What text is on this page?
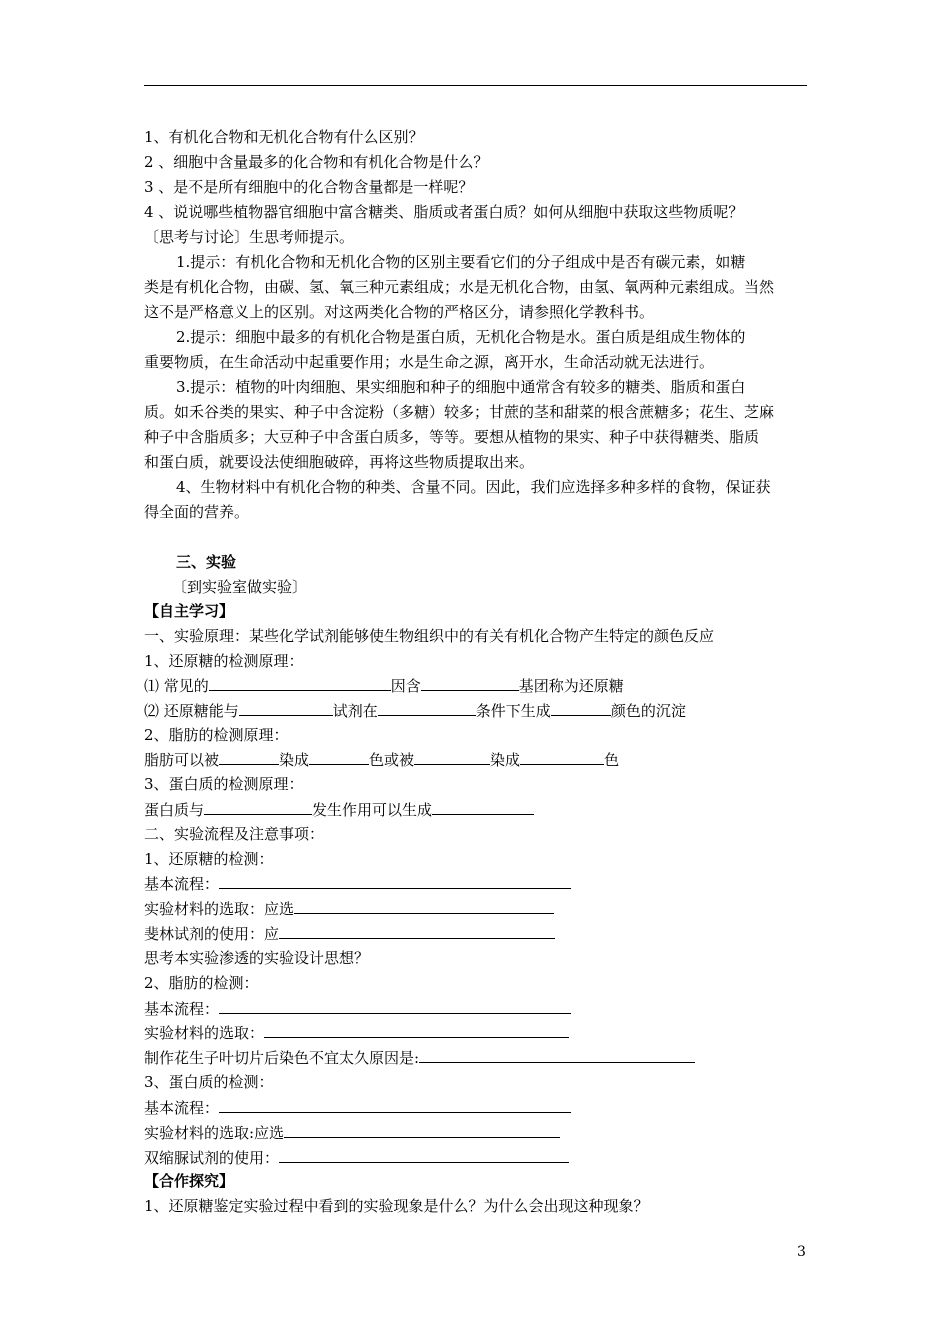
1、有机化合物和无机化合物有什么区别？
2 、细胞中含量最多的化合物和有机化合物是什么？
3 、是不是所有细胞中的化合物含量都是一样呢？
4 、说说哪些植物器官细胞中富含糖类、脂质或者蛋白质？如何从细胞中获取这些物质呢？
〔思考与讨论〕生思考师提示。
1.提示：有机化合物和无机化合物的区别主要看它们的分子组成中是否有碳元素，如糖
类是有机化合物，由碳、氢、氧三种元素组成；水是无机化合物，由氢、氧两种元素组成。当然
这不是严格意义上的区别。对这两类化合物的严格区分，请参照化学教科书。
2.提示：细胞中最多的有机化合物是蛋白质，无机化合物是水。蛋白质是组成生物体的
重要物质，在生命活动中起重要作用；水是生命之源，离开水，生命活动就无法进行。
3.提示：植物的叶肉细胞、果实细胞和种子的细胞中通常含有较多的糖类、脂质和蛋白
质。如禾谷类的果实、种子中含淀粉（多糖）较多；甘蔗的茎和甜菜的根含蔗糖多；花生、芝麻
种子中含脂质多；大豆种子中含蛋白质多，等等。要想从植物的果实、种子中获得糖类、脂质
和蛋白质，就要设法使细胞破碎，再将这些物质提取出来。
4、生物材料中有机化合物的种类、含量不同。因此，我们应选择多种多样的食物，保证获
得全面的营养。
三、实验
〔到实验室做实验〕
【自主学习】
一、实验原理：某些化学试剂能够使生物组织中的有关有机化合物产生特定的颜色反应
1、还原糖的检测原理：
⑴ 常见的	因含	基团称为还原糖
⑵ 还原糖能与	试剂在	条件下生成	颜色的沉淀
2、脂肪的检测原理：
脂肪可以被	染成	色或被	染成	色
3、蛋白质的检测原理：
蛋白质与	发生作用可以生成
二、实验流程及注意事项：
1、还原糖的检测：
基本流程：
实验材料的选取：应选
斐林试剂的使用：应
思考本实验渗透的实验设计思想？
2、脂肪的检测：
基本流程：
实验材料的选取：
制作花生子叶切片后染色不宜太久原因是:
3、蛋白质的检测：
基本流程：
实验材料的选取:应选
双缩脲试剂的使用：
【合作探究】
1、还原糖鉴定实验过程中看到的实验现象是什么？为什么会出现这种现象？
3
